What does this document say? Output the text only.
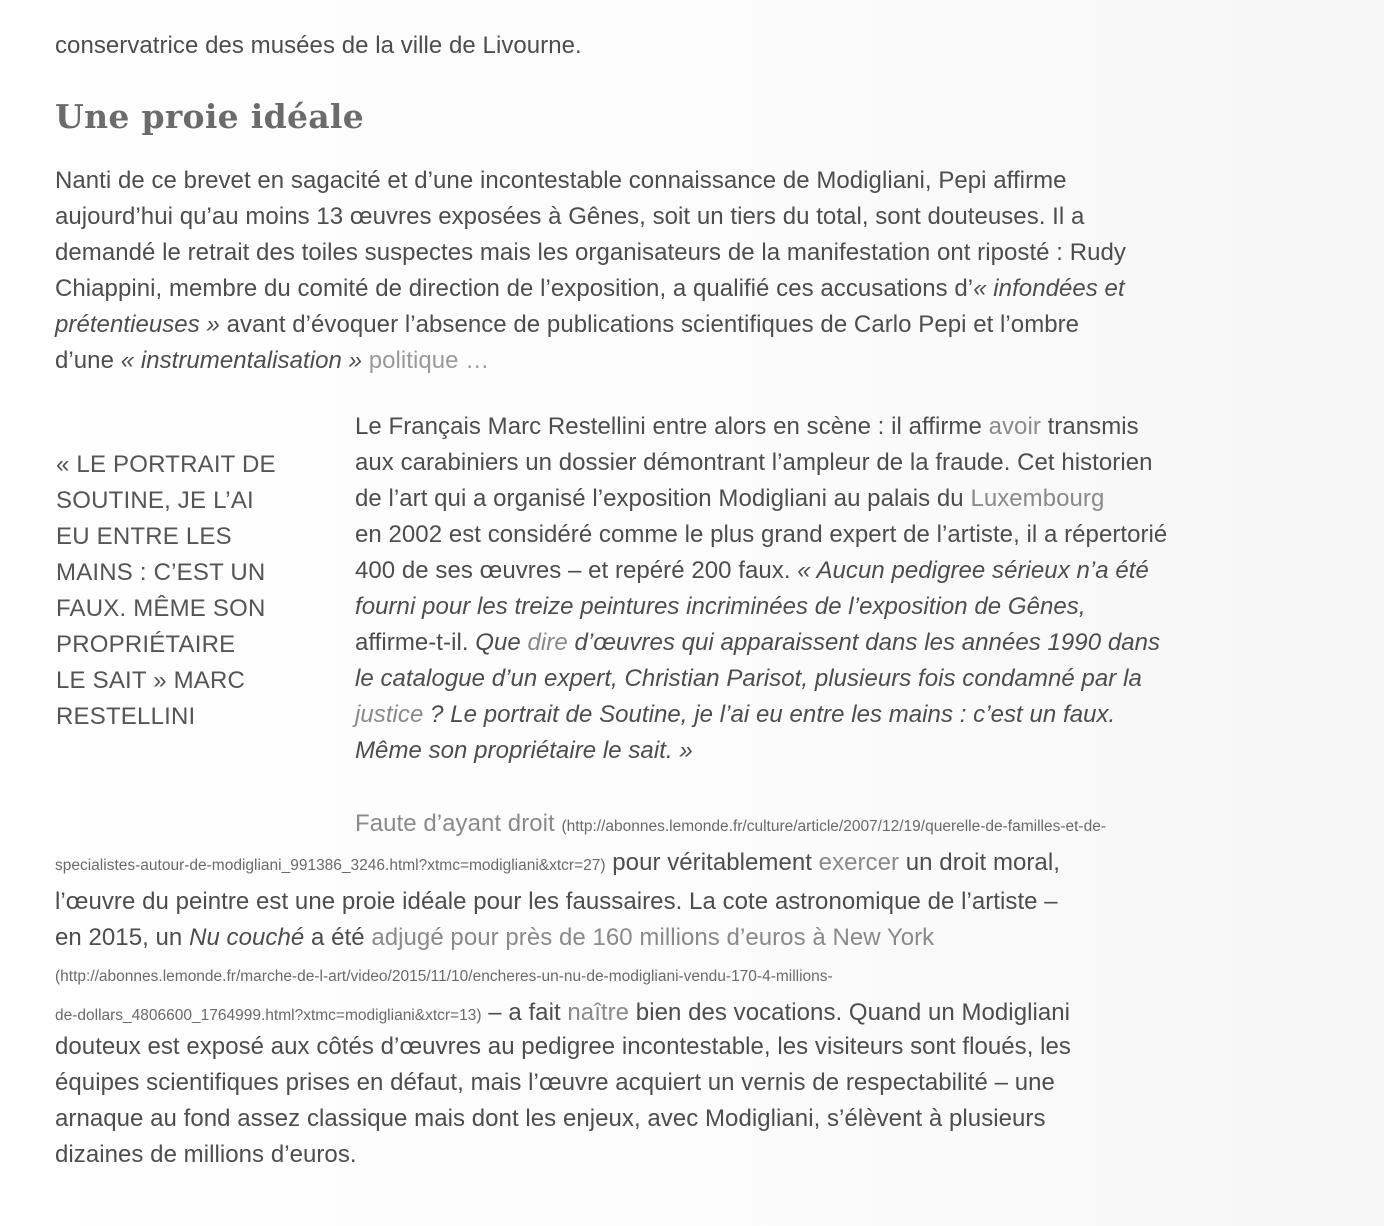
conservatrice des musées de la ville de Livourne.
Une proie idéale
Nanti de ce brevet en sagacité et d’une incontestable connaissance de Modigliani, Pepi affirme
aujourd’hui qu’au moins 13 œuvres exposées à Gênes, soit un tiers du total, sont douteuses. Il a
demandé le retrait des toiles suspectes mais les organisateurs de la manifestation ont riposté : Rudy
Chiappini, membre du comité de direction de l’exposition, a qualifié ces accusations d’« infondées et
prétentieuses » avant d’évoquer l’absence de publications scientifiques de Carlo Pepi et l’ombre
d’une « instrumentalisation » politique …
« LE PORTRAIT DE
SOUTINE, JE L’AI
EU ENTRE LES
MAINS : C’EST UN
FAUX. MÊME SON
PROPRIÉTAIRE
LE SAIT » MARC
RESTELLINI
Le Français Marc Restellini entre alors en scène : il affirme avoir transmis
aux carabiniers un dossier démontrant l’ampleur de la fraude. Cet historien
de l’art qui a organisé l’exposition Modigliani au palais du Luxembourg
en 2002 est considéré comme le plus grand expert de l’artiste, il a répertorié
400 de ses œuvres – et repéré 200 faux. « Aucun pedigree sérieux n’a été
fourni pour les treize peintures incriminées de l’exposition de Gênes,
affirme-t-il. Que dire d’œuvres qui apparaissent dans les années 1990 dans
le catalogue d’un expert, Christian Parisot, plusieurs fois condamné par la
justice ? Le portrait de Soutine, je l’ai eu entre les mains : c’est un faux.
Même son propriétaire le sait. »
Faute d’ayant droit (http://abonnes.lemonde.fr/culture/article/2007/12/19/querelle-de-familles-et-de-
specialistes-autour-de-modigliani_991386_3246.html?xtmc=modigliani&xtcr=27) pour véritablement exercer un droit moral,
l’œuvre du peintre est une proie idéale pour les faussaires. La cote astronomique de l’artiste –
en 2015, un Nu couché a été adjugé pour près de 160 millions d’euros à New York
(http://abonnes.lemonde.fr/marche-de-l-art/video/2015/11/10/encheres-un-nu-de-modigliani-vendu-170-4-millions-
de-dollars_4806600_1764999.html?xtmc=modigliani&xtcr=13) – a fait naître bien des vocations. Quand un Modigliani
douteux est exposé aux côtés d’œuvres au pedigree incontestable, les visiteurs sont floués, les
équipes scientifiques prises en défaut, mais l’œuvre acquiert un vernis de respectabilité – une
arnaque au fond assez classique mais dont les enjeux, avec Modigliani, s’élèvent à plusieurs
dizaines de millions d’euros.
